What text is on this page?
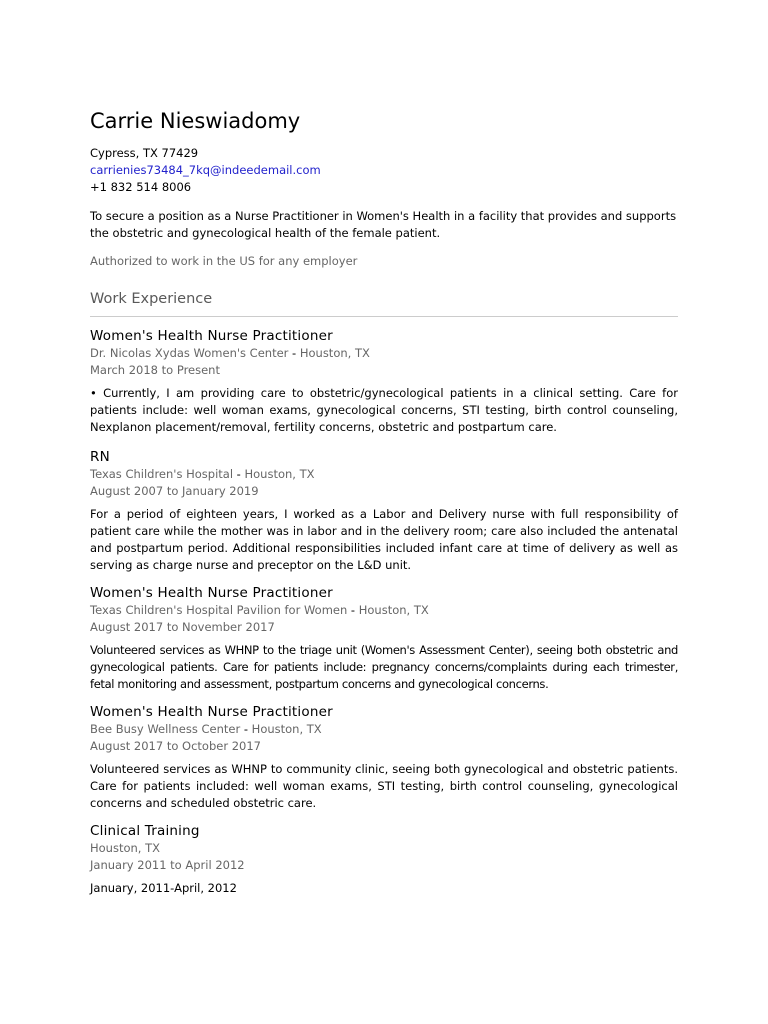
Carrie Nieswiadomy
Cypress, TX 77429
carrienies73484_7kq@indeedemail.com
+1 832 514 8006
To secure a position as a Nurse Practitioner in Women's Health in a facility that provides and supports the obstetric and gynecological health of the female patient.
Authorized to work in the US for any employer
Work Experience
Women's Health Nurse Practitioner
Dr. Nicolas Xydas Women's Center - Houston, TX
March 2018 to Present
• Currently, I am providing care to obstetric/gynecological patients in a clinical setting. Care for patients include: well woman exams, gynecological concerns, STI testing, birth control counseling, Nexplanon placement/removal, fertility concerns, obstetric and postpartum care.
RN
Texas Children's Hospital - Houston, TX
August 2007 to January 2019
For a period of eighteen years, I worked as a Labor and Delivery nurse with full responsibility of patient care while the mother was in labor and in the delivery room; care also included the antenatal and postpartum period. Additional responsibilities included infant care at time of delivery as well as serving as charge nurse and preceptor on the L&D unit.
Women's Health Nurse Practitioner
Texas Children's Hospital Pavilion for Women - Houston, TX
August 2017 to November 2017
Volunteered services as WHNP to the triage unit (Women's Assessment Center), seeing both obstetric and gynecological patients. Care for patients include: pregnancy concerns/complaints during each trimester, fetal monitoring and assessment, postpartum concerns and gynecological concerns.
Women's Health Nurse Practitioner
Bee Busy Wellness Center - Houston, TX
August 2017 to October 2017
Volunteered services as WHNP to community clinic, seeing both gynecological and obstetric patients. Care for patients included: well woman exams, STI testing, birth control counseling, gynecological concerns and scheduled obstetric care.
Clinical Training
Houston, TX
January 2011 to April 2012
January, 2011-April, 2012
